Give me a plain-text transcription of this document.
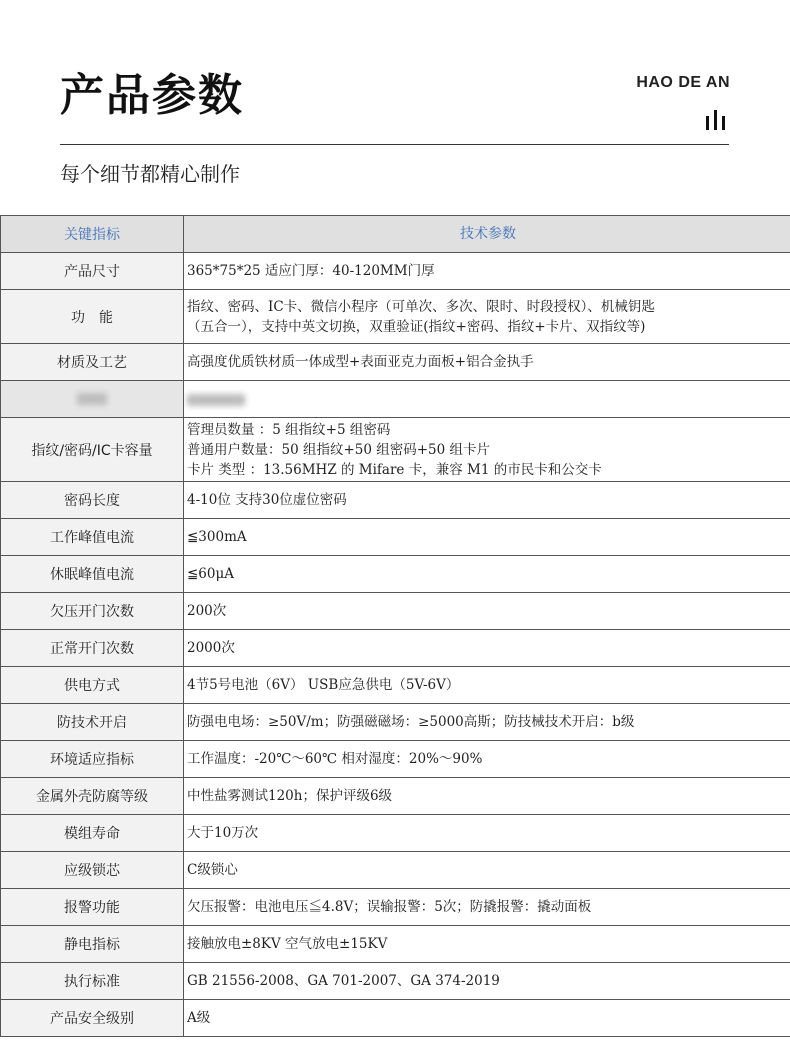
产品参数	HAO DE AN
每个细节都精心制作
关键指标	技术参数
产品尺寸	365*75*25 适应门厚：40-120MM门厚

功　能	指纹、密码、IC卡、微信小程序（可单次、多次、限时、时段授权）、机械钥匙
（五合一），支持中英文切换，双重验证(指纹+密码、指纹+卡片、双指纹等)

材质及工艺	高强度优质铁材质一体成型+表面亚克力面板+铝合金执手

指纹/密码/IC卡容量	管理员数量 ：5 组指纹+5 组密码
普通用户数量：50 组指纹+50 组密码+50 组卡片
卡片 类型 ：13.56MHZ 的 Mifare 卡，兼容 M1 的市民卡和公交卡

密码长度	4-10位 支持30位虚位密码

工作峰值电流	≦300mA

休眠峰值电流	≦60μA

欠压开门次数	200次

正常开门次数	2000次

供电方式	4节5号电池（6V） USB应急供电（5V-6V）

防技术开启	防强电电场：≥50V/m；防强磁磁场：≥5000高斯；防技械技术开启：b级

环境适应指标	工作温度：-20℃～60℃ 相对湿度：20%～90%

金属外壳防腐等级	中性盐雾测试120h；保护评级6级

模组寿命	大于10万次

应级锁芯	C级锁心

报警功能	欠压报警：电池电压≦4.8V；误输报警：5次；防撬报警：撬动面板

静电指标	接触放电±8KV 空气放电±15KV

执行标准	GB 21556-2008、GA 701-2007、GA 374-2019

产品安全级别	A级
